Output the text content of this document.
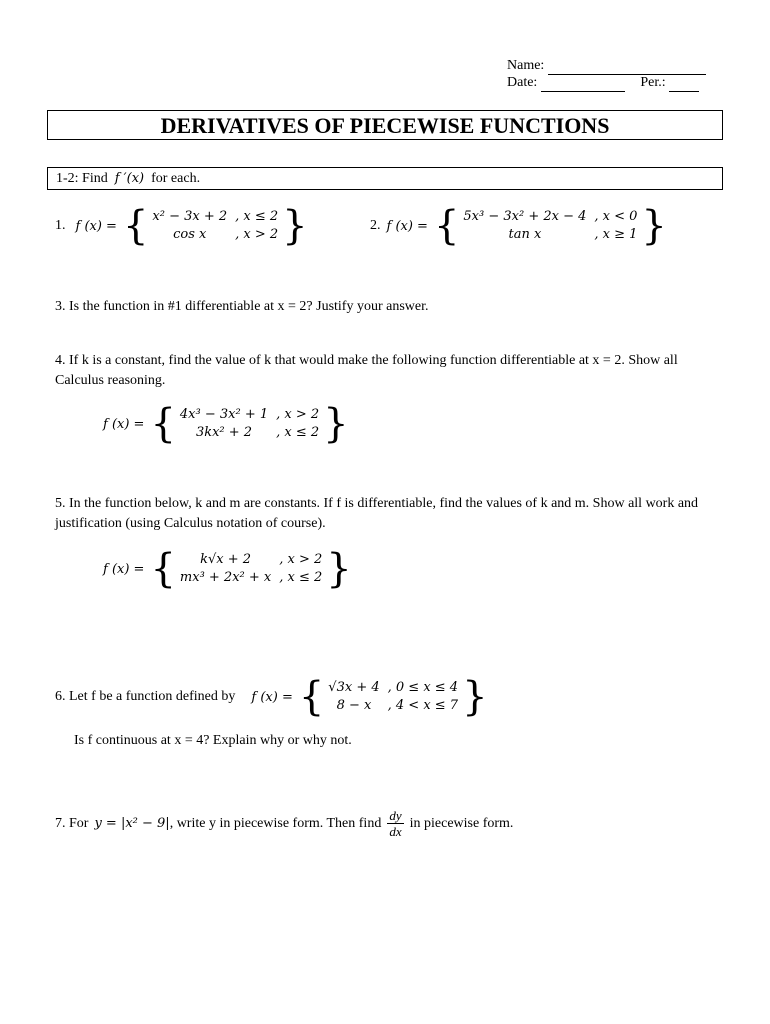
Name:
Date:	Per.:
DERIVATIVES OF PIECEWISE FUNCTIONS
1-2: Find f ′(x) for each.
1. f (x) = { x² − 3x + 2	, x ≤ 2
cos x	, x > 2 }	2. f (x) = { 5x³ − 3x² + 2x − 4	, x < 0
tan x	, x ≥ 1 }
3. Is the function in #1 differentiable at x = 2? Justify your answer.
4. If k is a constant, find the value of k that would make the following function differentiable at x = 2. Show all Calculus reasoning.
f (x) = { 4x³ − 3x² + 1	, x > 2
3kx² + 2	, x ≤ 2 }
5. In the function below, k and m are constants. If f is differentiable, find the values of k and m. Show all work and justification (using Calculus notation of course).
f (x) = { k√x + 2	, x > 2
mx³ + 2x² + x	, x ≤ 2 }
6. Let f be a function defined by f (x) = { √3x + 4	, 0 ≤ x ≤ 4
8 − x	, 4 < x ≤ 7 }
Is f continuous at x = 4? Explain why or why not.
7. For y = |x² − 9| , write y in piecewise form. Then find $\frac{dy}{dx}$ in piecewise form.
